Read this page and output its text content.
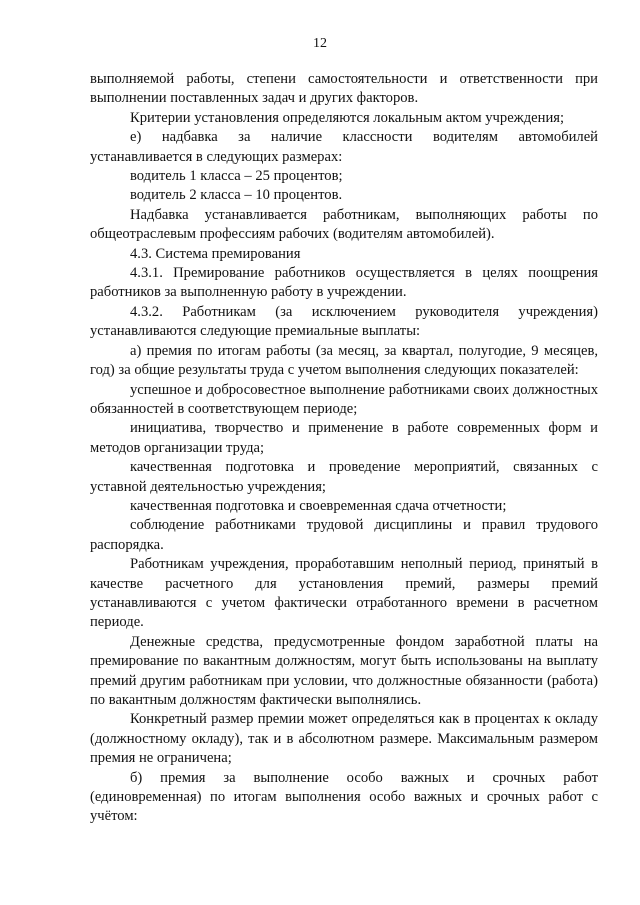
12

выполняемой работы, степени самостоятельности и ответственности при выполнении поставленных задач и других факторов.

Критерии установления определяются локальным актом учреждения;

е) надбавка за наличие классности водителям автомобилей устанавливается в следующих размерах:

водитель 1 класса – 25 процентов;

водитель 2 класса – 10 процентов.

Надбавка устанавливается работникам, выполняющих работы по общеотраслевым профессиям рабочих (водителям автомобилей).

4.3. Система премирования

4.3.1. Премирование работников осуществляется в целях поощрения работников за выполненную работу в учреждении.

4.3.2. Работникам (за исключением руководителя учреждения) устанавливаются следующие премиальные выплаты:

а) премия по итогам работы (за месяц, за квартал, полугодие, 9 месяцев, год) за общие результаты труда с учетом выполнения следующих показателей:

успешное и добросовестное выполнение работниками своих должностных обязанностей в соответствующем периоде;

инициатива, творчество и применение в работе современных форм и методов организации труда;

качественная подготовка и проведение мероприятий, связанных с уставной деятельностью учреждения;

качественная подготовка и своевременная сдача отчетности;

соблюдение работниками трудовой дисциплины и правил трудового распорядка.

Работникам учреждения, проработавшим неполный период, принятый в качестве расчетного для установления премий, размеры премий устанавливаются с учетом фактически отработанного времени в расчетном периоде.

Денежные средства, предусмотренные фондом заработной платы на премирование по вакантным должностям, могут быть использованы на выплату премий другим работникам при условии, что должностные обязанности (работа) по вакантным должностям фактически выполнялись.

Конкретный размер премии может определяться как в процентах к окладу (должностному окладу), так и в абсолютном размере. Максимальным размером премия не ограничена;

б) премия за выполнение особо важных и срочных работ (единовременная) по итогам выполнения особо важных и срочных работ с учётом:
